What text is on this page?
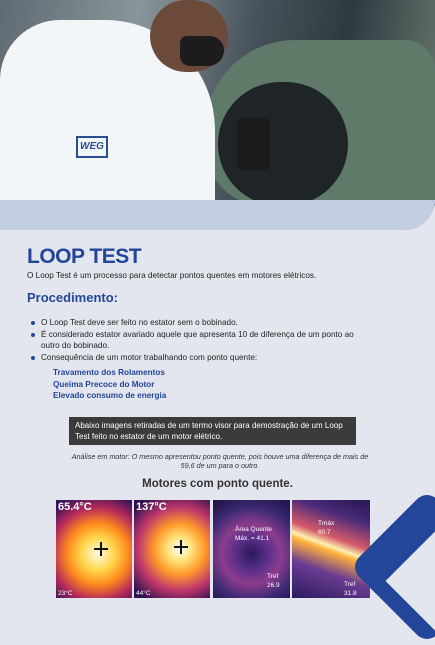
WEG
LOOP TEST

O Loop Test é um processo para detectar pontos quentes em motores elétricos.

Procedimento:
O Loop Test deve ser feito no estator sem o bobinado.
É considerado estator avariado aquele que apresenta 10 de diferença de um ponto ao outro do bobinado.
Consequência de um motor trabalhando com ponto quente:
Travamento dos Rolamentos
Queima Precoce do Motor
Elevado consumo de energia
Abaixo imagens retiradas de um termo visor para demostração de um Loop Test feito no estator de um motor elétrico.

Análise em motor: O mesmo apresentou ponto quente, pois houve uma diferença de mais de 59,6 de um para o outro.

Motores com ponto quente.
65.4°C
23°C
137°C
44°C
Área Quente
Máx. = 41.1
Tref
26.9
Tmáx
60.7
Tref
31.8
